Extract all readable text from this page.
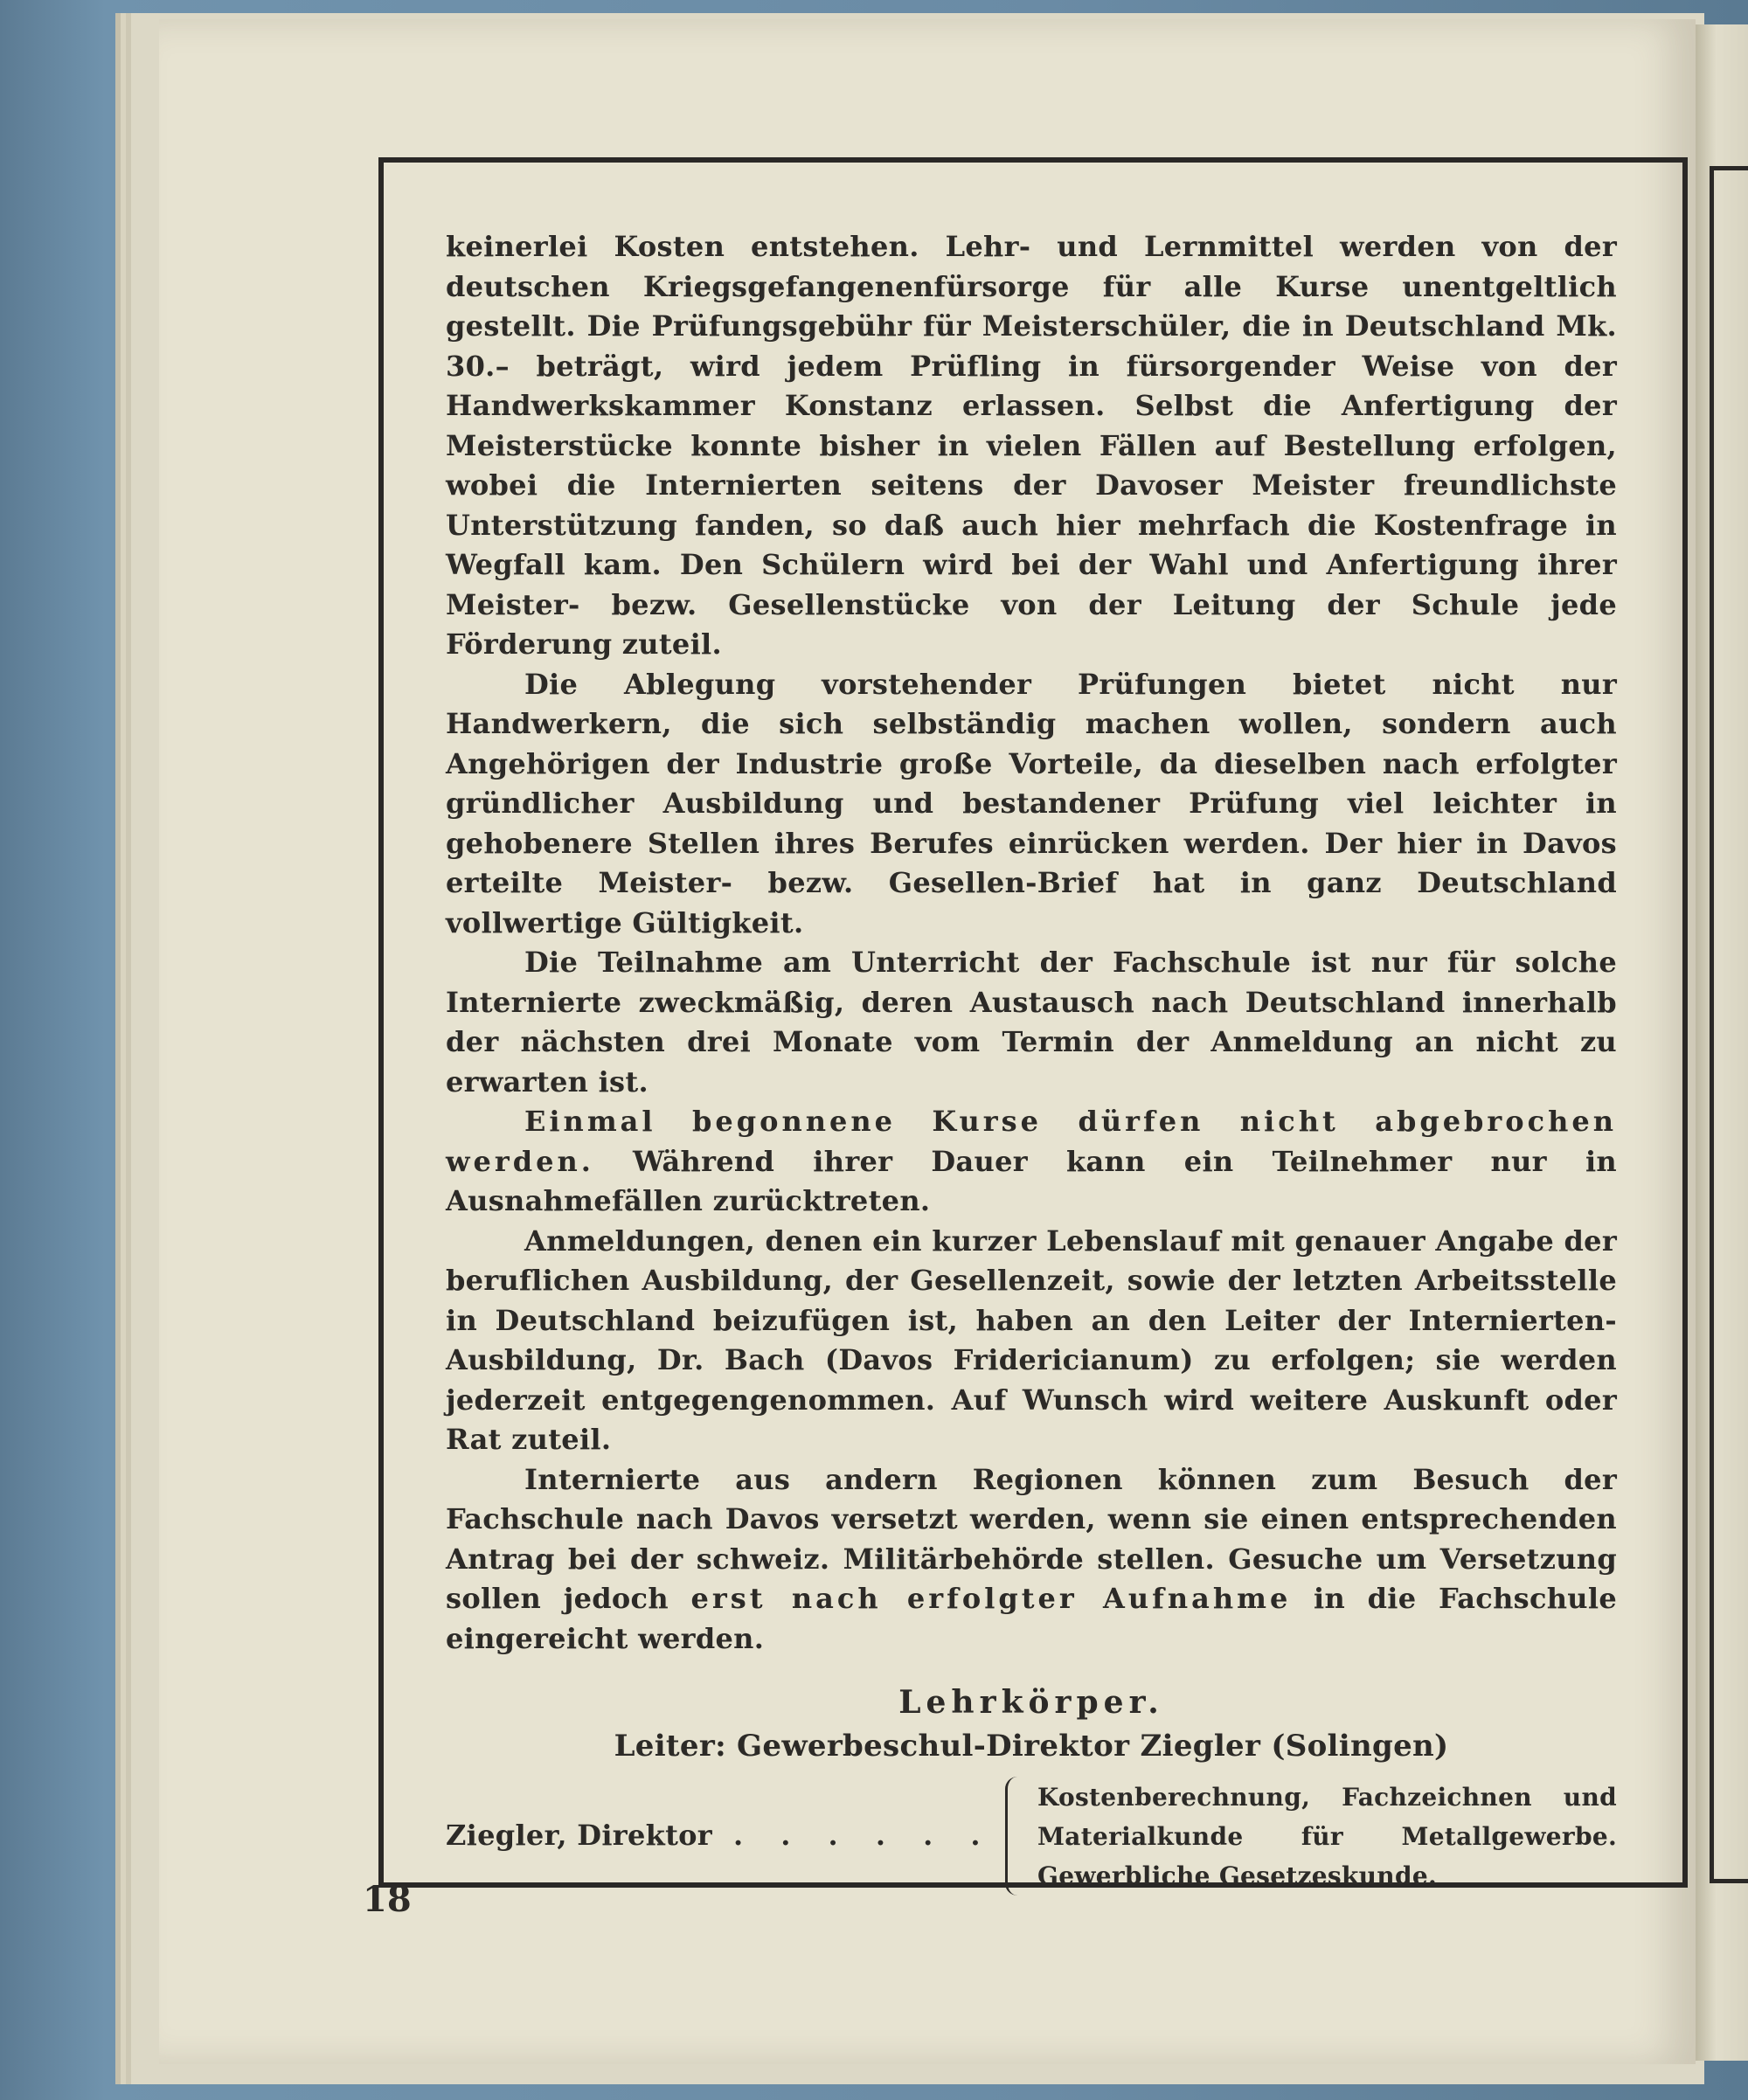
keinerlei Kosten entstehen. Lehr- und Lernmittel werden von der deutschen Kriegsgefangenenfürsorge für alle Kurse unentgeltlich gestellt. Die Prüfungsgebühr für Meisterschüler, die in Deutschland Mk. 30.– beträgt, wird jedem Prüfling in fürsorgender Weise von der Handwerkskammer Konstanz erlassen. Selbst die Anfertigung der Meisterstücke konnte bisher in vielen Fällen auf Bestellung erfolgen, wobei die Internierten seitens der Davoser Meister freundlichste Unterstützung fanden, so daß auch hier mehrfach die Kostenfrage in Wegfall kam. Den Schülern wird bei der Wahl und Anfertigung ihrer Meister- bezw. Gesellenstücke von der Leitung der Schule jede Förderung zuteil.

Die Ablegung vorstehender Prüfungen bietet nicht nur Handwerkern, die sich selbständig machen wollen, sondern auch Angehörigen der Industrie große Vorteile, da dieselben nach erfolgter gründlicher Ausbildung und bestandener Prüfung viel leichter in gehobenere Stellen ihres Berufes einrücken werden. Der hier in Davos erteilte Meister- bezw. Gesellen-Brief hat in ganz Deutschland vollwertige Gültigkeit.

Die Teilnahme am Unterricht der Fachschule ist nur für solche Internierte zweckmäßig, deren Austausch nach Deutschland innerhalb der nächsten drei Monate vom Termin der Anmeldung an nicht zu erwarten ist.

Einmal begonnene Kurse dürfen nicht abgebrochen werden. Während ihrer Dauer kann ein Teilnehmer nur in Ausnahmefällen zurücktreten.

Anmeldungen, denen ein kurzer Lebenslauf mit genauer Angabe der beruflichen Ausbildung, der Gesellenzeit, sowie der letzten Arbeitsstelle in Deutschland beizufügen ist, haben an den Leiter der Internierten-Ausbildung, Dr. Bach (Davos Fridericianum) zu erfolgen; sie werden jederzeit entgegengenommen. Auf Wunsch wird weitere Auskunft oder Rat zuteil.

Internierte aus andern Regionen können zum Besuch der Fachschule nach Davos versetzt werden, wenn sie einen entsprechenden Antrag bei der schweiz. Militärbehörde stellen. Gesuche um Versetzung sollen jedoch erst nach erfolgter Aufnahme in die Fachschule eingereicht werden.

Lehrkörper.

Leiter: Gewerbeschul-Direktor Ziegler (Solingen)

Ziegler, Direktor . . . . . .
Kostenberechnung, Fachzeichnen und Materialkunde für Metallgewerbe. Gewerbliche Gesetzeskunde.
18
